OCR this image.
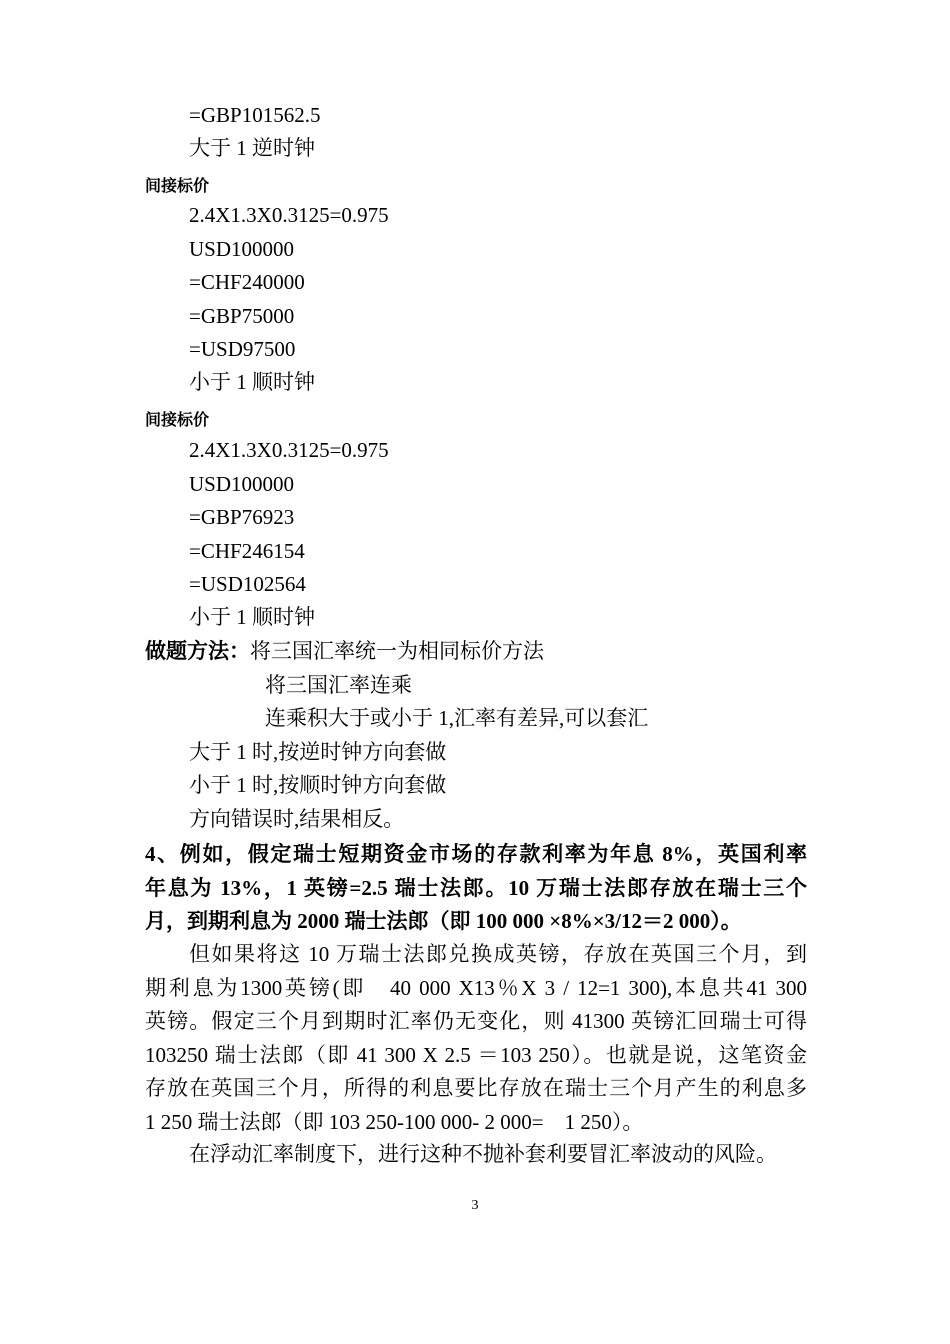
=GBP101562.5
大于 1 逆时钟
间接标价
2.4X1.3X0.3125=0.975
USD100000
=CHF240000
=GBP75000
=USD97500
小于 1 顺时钟
间接标价
2.4X1.3X0.3125=0.975
USD100000
=GBP76923
=CHF246154
=USD102564
小于 1 顺时钟
做题方法：将三国汇率统一为相同标价方法
将三国汇率连乘
连乘积大于或小于 1,汇率有差异,可以套汇
大于 1 时,按逆时钟方向套做
小于 1 时,按顺时钟方向套做
方向错误时,结果相反。
4、例如，假定瑞士短期资金市场的存款利率为年息 8%，英国利率
年息为 13%，1 英镑=2.5 瑞士法郎。10 万瑞士法郎存放在瑞士三个
月，到期利息为 2000 瑞士法郎（即 100 000 ×8%×3/12＝2 000）。
但如果将这 10 万瑞士法郎兑换成英镑，存放在英国三个月，到
期利息为1300英镑(即　40 000 X13％X 3 / 12=1 300),本息共41 300
英镑。假定三个月到期时汇率仍无变化，则 41300 英镑汇回瑞士可得
103250 瑞士法郎（即 41 300 X 2.5 ＝103 250）。也就是说，这笔资金
存放在英国三个月，所得的利息要比存放在瑞士三个月产生的利息多
1 250 瑞士法郎（即 103 250-100 000- 2 000=　1 250）。
在浮动汇率制度下，进行这种不抛补套利要冒汇率波动的风险。
3
